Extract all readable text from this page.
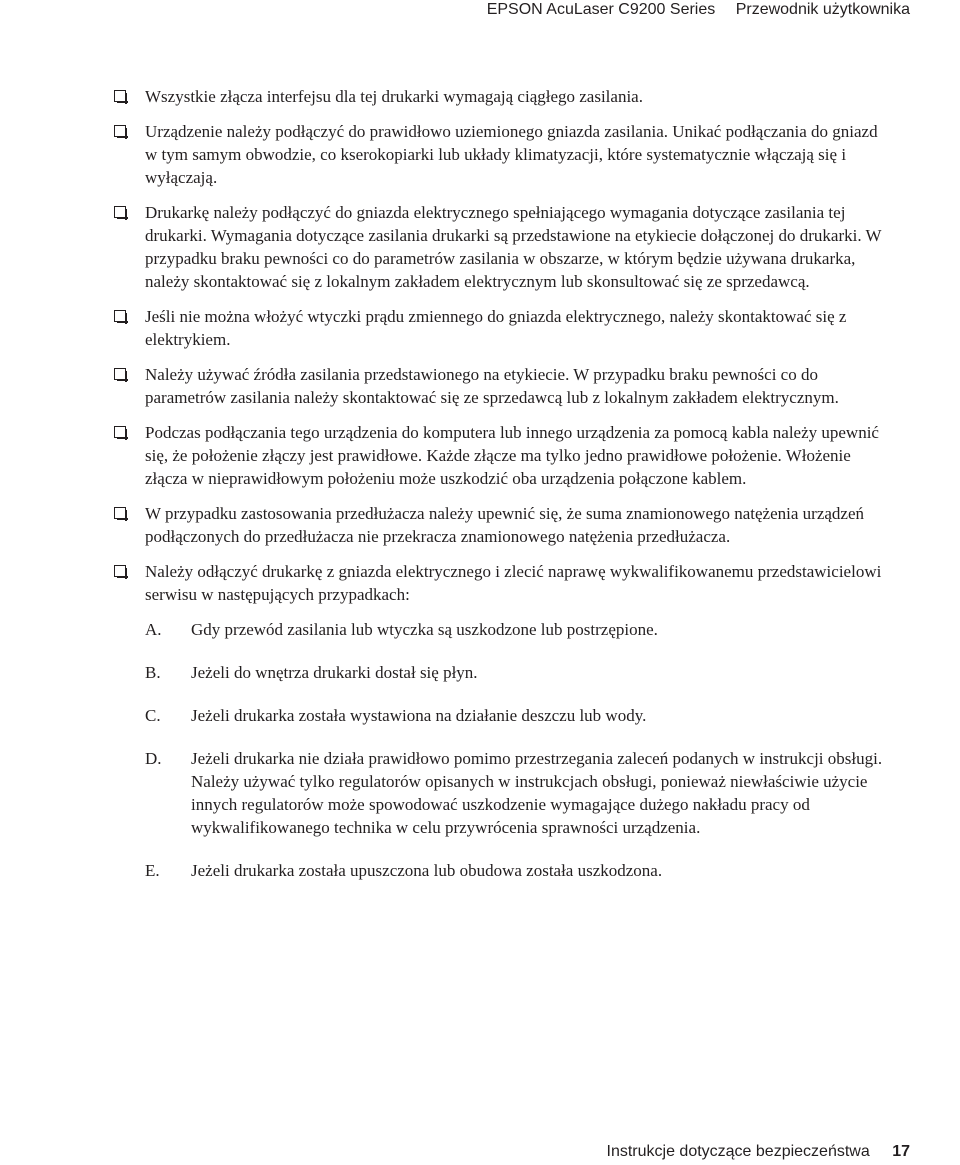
EPSON AcuLaser C9200 Series Przewodnik użytkownika
Wszystkie złącza interfejsu dla tej drukarki wymagają ciągłego zasilania.
Urządzenie należy podłączyć do prawidłowo uziemionego gniazda zasilania. Unikać podłączania do gniazd w tym samym obwodzie, co kserokopiarki lub układy klimatyzacji, które systematycznie włączają się i wyłączają.
Drukarkę należy podłączyć do gniazda elektrycznego spełniającego wymagania dotyczące zasilania tej drukarki. Wymagania dotyczące zasilania drukarki są przedstawione na etykiecie dołączonej do drukarki. W przypadku braku pewności co do parametrów zasilania w obszarze, w którym będzie używana drukarka, należy skontaktować się z lokalnym zakładem elektrycznym lub skonsultować się ze sprzedawcą.
Jeśli nie można włożyć wtyczki prądu zmiennego do gniazda elektrycznego, należy skontaktować się z elektrykiem.
Należy używać źródła zasilania przedstawionego na etykiecie. W przypadku braku pewności co do parametrów zasilania należy skontaktować się ze sprzedawcą lub z lokalnym zakładem elektrycznym.
Podczas podłączania tego urządzenia do komputera lub innego urządzenia za pomocą kabla należy upewnić się, że położenie złączy jest prawidłowe. Każde złącze ma tylko jedno prawidłowe położenie. Włożenie złącza w nieprawidłowym położeniu może uszkodzić oba urządzenia połączone kablem.
W przypadku zastosowania przedłużacza należy upewnić się, że suma znamionowego natężenia urządzeń podłączonych do przedłużacza nie przekracza znamionowego natężenia przedłużacza.
Należy odłączyć drukarkę z gniazda elektrycznego i zlecić naprawę wykwalifikowanemu przedstawicielowi serwisu w następujących przypadkach:
A. Gdy przewód zasilania lub wtyczka są uszkodzone lub postrzępione.
B. Jeżeli do wnętrza drukarki dostał się płyn.
C. Jeżeli drukarka została wystawiona na działanie deszczu lub wody.
D. Jeżeli drukarka nie działa prawidłowo pomimo przestrzegania zaleceń podanych w instrukcji obsługi. Należy używać tylko regulatorów opisanych w instrukcjach obsługi, ponieważ niewłaściwie użycie innych regulatorów może spowodować uszkodzenie wymagające dużego nakładu pracy od wykwalifikowanego technika w celu przywrócenia sprawności urządzenia.
E. Jeżeli drukarka została upuszczona lub obudowa została uszkodzona.
Instrukcje dotyczące bezpieczeństwa 17
